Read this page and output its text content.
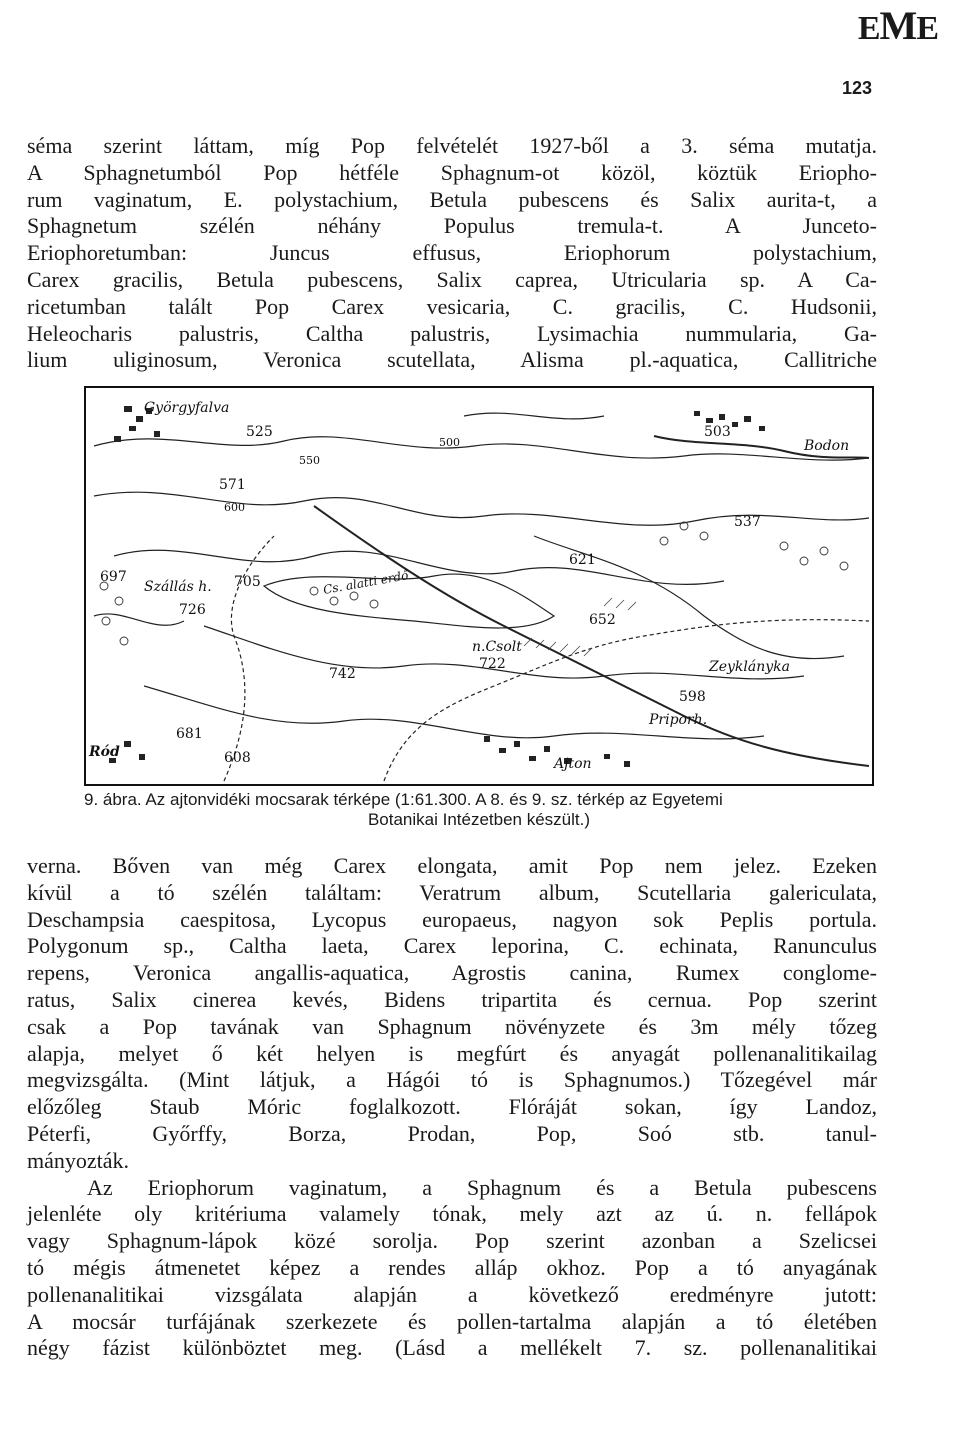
EME
123
séma szerint láttam, míg Pop felvételét 1927-ből a 3. séma mutatja.
A Sphagnetumból Pop hétféle Sphagnum-ot közöl, köztük Eriopho-
rum vaginatum, E. polystachium, Betula pubescens és Salix aurita-t, a
Sphagnetum szélén néhány Populus tremula-t. A Junceto-
Eriophoretumban: Juncus effusus, Eriophorum polystachium,
Carex gracilis, Betula pubescens, Salix caprea, Utricularia sp. A Ca-
ricetumban talált Pop Carex vesicaria, C. gracilis, C. Hudsonii,
Heleocharis palustris, Caltha palustris, Lysimachia nummularia, Ga-
lium uliginosum, Veronica scutellata, Alisma pl.-aquatica, Callitriche
Györgyfalva
525	503
Bodon
537
571
600
550
500
697
Szállás h. 705
726
Cs. alatti erdő
621
652
n.Csolt
722
742	Zeyklányka
598
Priporh.
681
Ród	608	Ajton
9. ábra. Az ajtonvidéki mocsarak térképe (1:61.300. A 8. és 9. sz. térkép az Egyetemi
Botanikai Intézetben készült.)
verna. Bőven van még Carex elongata, amit Pop nem jelez. Ezeken
kívül a tó szélén találtam: Veratrum album, Scutellaria galericulata,
Deschampsia caespitosa, Lycopus europaeus, nagyon sok Peplis portula.
Polygonum sp., Caltha laeta, Carex leporina, C. echinata, Ranunculus
repens, Veronica angallis-aquatica, Agrostis canina, Rumex conglome-
ratus, Salix cinerea kevés, Bidens tripartita és cernua. Pop szerint
csak a Pop tavának van Sphagnum növényzete és 3m mély tőzeg
alapja, melyet ő két helyen is megfúrt és anyagát pollenanalitikailag
megvizsgálta. (Mint látjuk, a Hágói tó is Sphagnumos.) Tőzegével már
előzőleg Staub Móric foglalkozott. Flóráját sokan, így Landoz,
Péterfi, Győrffy, Borza, Prodan, Pop, Soó stb. tanul-
mányozták.
Az Eriophorum vaginatum, a Sphagnum és a Betula pubescens
jelenléte oly kritériuma valamely tónak, mely azt az ú. n. fellápok
vagy Sphagnum-lápok közé sorolja. Pop szerint azonban a Szelicsei
tó mégis átmenetet képez a rendes alláp okhoz. Pop a tó anyagának
pollenanalitikai vizsgálata alapján a következő eredményre jutott:
A mocsár turfájának szerkezete és pollen-tartalma alapján a tó életében
négy fázist különböztet meg. (Lásd a mellékelt 7. sz. pollenanalitikai
